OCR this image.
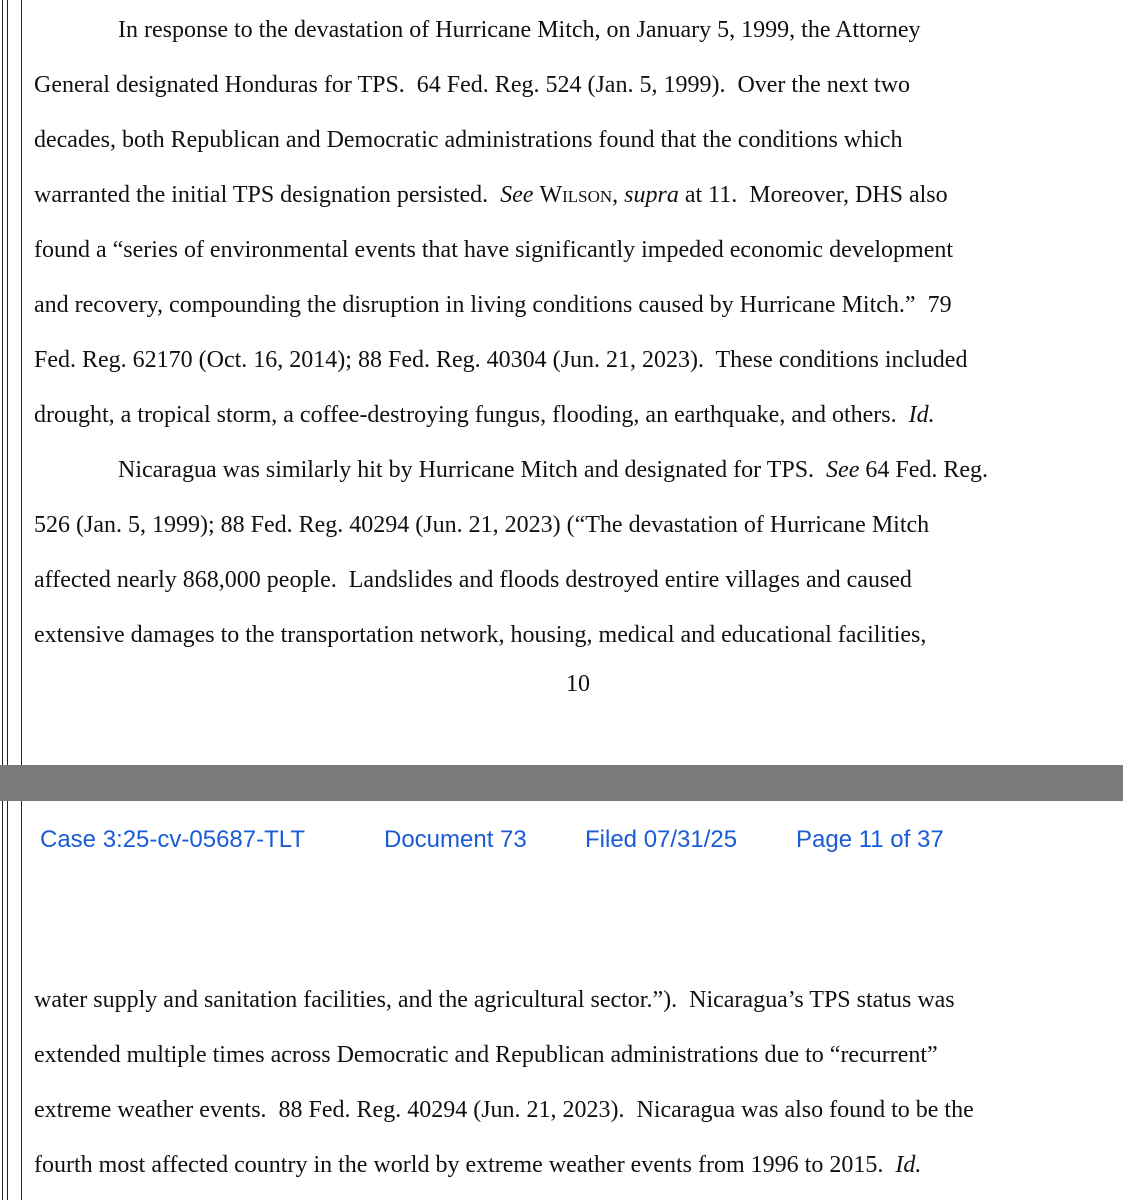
In response to the devastation of Hurricane Mitch, on January 5, 1999, the Attorney

General designated Honduras for TPS.  64 Fed. Reg. 524 (Jan. 5, 1999).  Over the next two

decades, both Republican and Democratic administrations found that the conditions which

warranted the initial TPS designation persisted.  See Wilson, supra at 11.  Moreover, DHS also

found a “series of environmental events that have significantly impeded economic development

and recovery, compounding the disruption in living conditions caused by Hurricane Mitch.”  79

Fed. Reg. 62170 (Oct. 16, 2014); 88 Fed. Reg. 40304 (Jun. 21, 2023).  These conditions included

drought, a tropical storm, a coffee-destroying fungus, flooding, an earthquake, and others.  Id.

Nicaragua was similarly hit by Hurricane Mitch and designated for TPS.  See 64 Fed. Reg.

526 (Jan. 5, 1999); 88 Fed. Reg. 40294 (Jun. 21, 2023) (“The devastation of Hurricane Mitch

affected nearly 868,000 people.  Landslides and floods destroyed entire villages and caused

extensive damages to the transportation network, housing, medical and educational facilities,

10

water supply and sanitation facilities, and the agricultural sector.”).  Nicaragua’s TPS status was

extended multiple times across Democratic and Republican administrations due to “recurrent”

extreme weather events.  88 Fed. Reg. 40294 (Jun. 21, 2023).  Nicaragua was also found to be the

fourth most affected country in the world by extreme weather events from 1996 to 2015.  Id.

Case 3:25-cv-05687-TLT

	Document 73

Filed 07/31/25

Page 11 of 37
